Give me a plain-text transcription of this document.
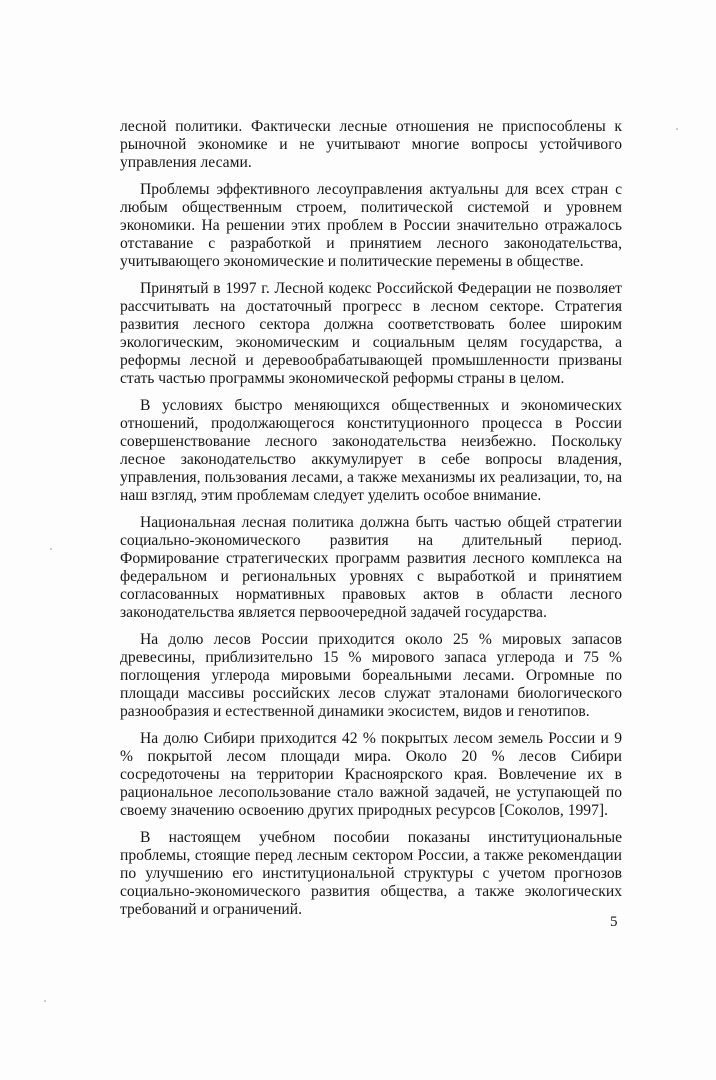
лесной политики. Фактически лесные отношения не приспособлены к рыночной экономике и не учитывают многие вопросы устойчивого управления лесами.

Проблемы эффективного лесоуправления актуальны для всех стран с любым общественным строем, политической системой и уровнем экономики. На решении этих проблем в России значительно отражалось отставание с разработкой и принятием лесного законодательства, учитывающего экономические и политические перемены в обществе.

Принятый в 1997 г. Лесной кодекс Российской Федерации не позволяет рассчитывать на достаточный прогресс в лесном секторе. Стратегия развития лесного сектора должна соответствовать более широким экологическим, экономическим и социальным целям государства, а реформы лесной и деревообрабатывающей промышленности призваны стать частью программы экономической реформы страны в целом.

В условиях быстро меняющихся общественных и экономических отношений, продолжающегося конституционного процесса в России совершенствование лесного законодательства неизбежно. Поскольку лесное законодательство аккумулирует в себе вопросы владения, управления, пользования лесами, а также механизмы их реализации, то, на наш взгляд, этим проблемам следует уделить особое внимание.

Национальная лесная политика должна быть частью общей стратегии социально-экономического развития на длительный период. Формирование стратегических программ развития лесного комплекса на федеральном и региональных уровнях с выработкой и принятием согласованных нормативных правовых актов в области лесного законодательства является первоочередной задачей государства.

На долю лесов России приходится около 25 % мировых запасов древесины, приблизительно 15 % мирового запаса углерода и 75 % поглощения углерода мировыми бореальными лесами. Огромные по площади массивы российских лесов служат эталонами биологического разнообразия и естественной динамики экосистем, видов и генотипов.

На долю Сибири приходится 42 % покрытых лесом земель России и 9 % покрытой лесом площади мира. Около 20 % лесов Сибири сосредоточены на территории Красноярского края. Вовлечение их в рациональное лесопользование стало важной задачей, не уступающей по своему значению освоению других природных ресурсов [Соколов, 1997].

В настоящем учебном пособии показаны институциональные проблемы, стоящие перед лесным сектором России, а также рекомендации по улучшению его институциональной структуры с учетом прогнозов социально-экономического развития общества, а также экологических требований и ограничений.

5
